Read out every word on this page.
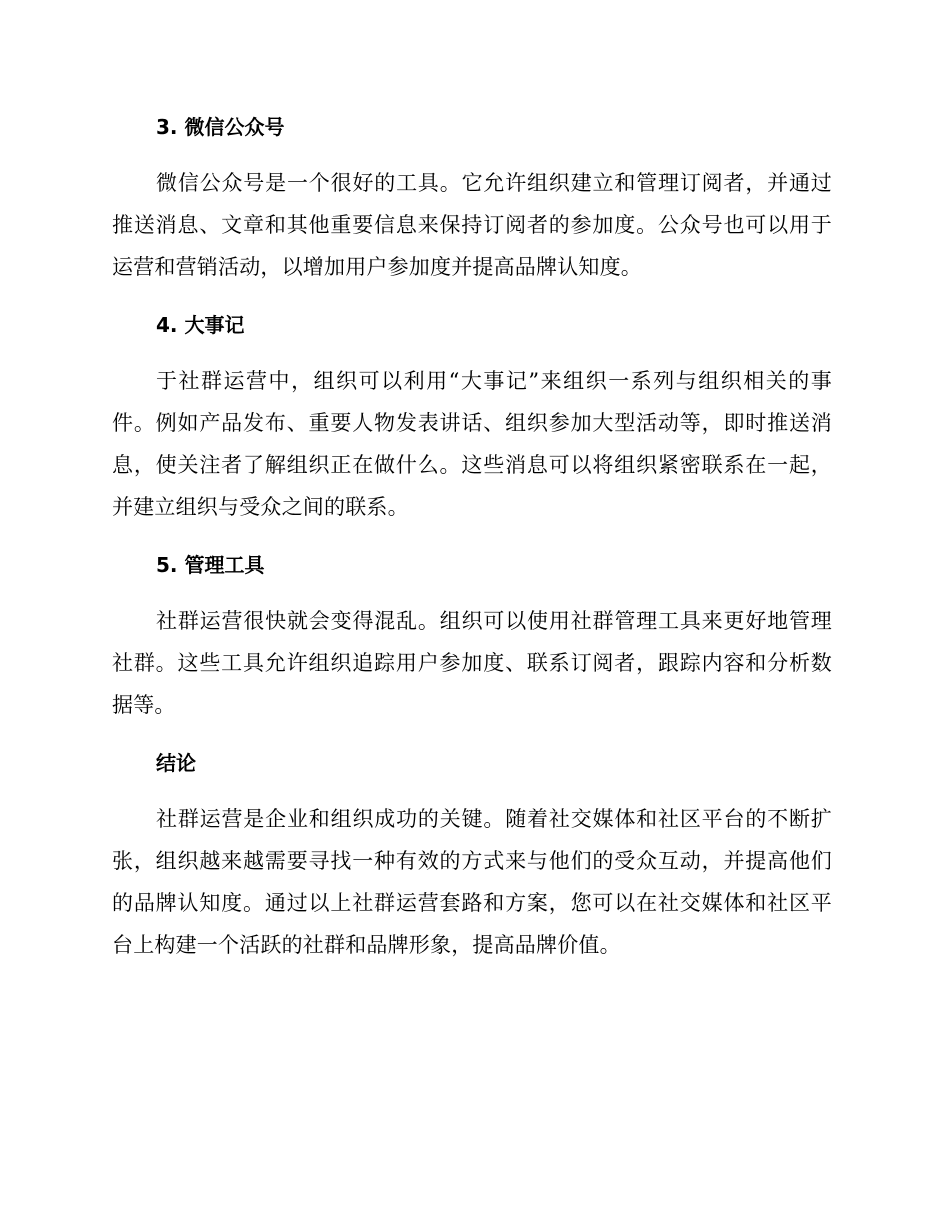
3. 微信公众号

微信公众号是一个很好的工具。它允许组织建立和管理订阅者，并通过推送消息、文章和其他重要信息来保持订阅者的参加度。公众号也可以用于运营和营销活动，以增加用户参加度并提高品牌认知度。

4. 大事记

于社群运营中，组织可以利用“大事记”来组织一系列与组织相关的事件。例如产品发布、重要人物发表讲话、组织参加大型活动等，即时推送消息，使关注者了解组织正在做什么。这些消息可以将组织紧密联系在一起，并建立组织与受众之间的联系。

5. 管理工具

社群运营很快就会变得混乱。组织可以使用社群管理工具来更好地管理社群。这些工具允许组织追踪用户参加度、联系订阅者，跟踪内容和分析数据等。

结论

社群运营是企业和组织成功的关键。随着社交媒体和社区平台的不断扩张，组织越来越需要寻找一种有效的方式来与他们的受众互动，并提高他们的品牌认知度。通过以上社群运营套路和方案，您可以在社交媒体和社区平台上构建一个活跃的社群和品牌形象，提高品牌价值。
